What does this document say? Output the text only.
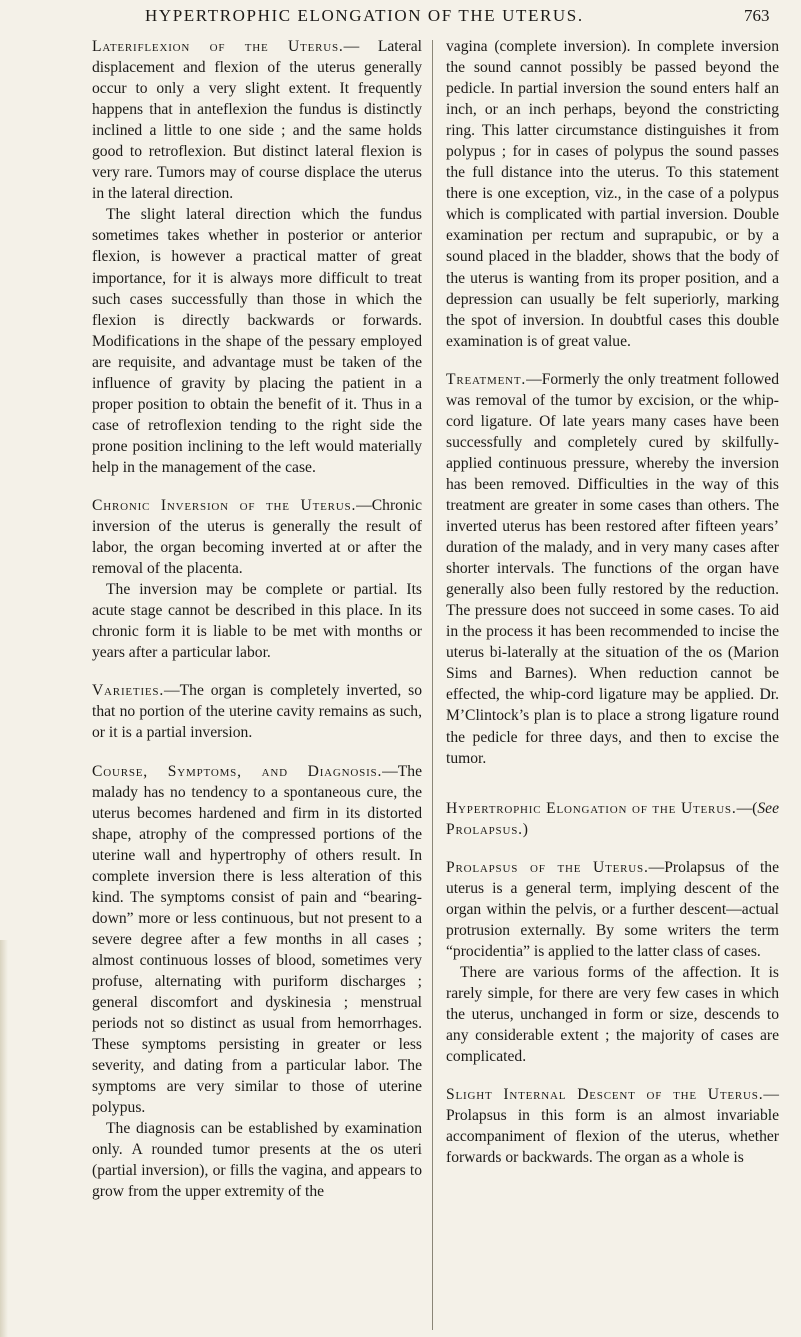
HYPERTROPHIC ELONGATION OF THE UTERUS.	763

Lateriflexion of the Uterus.— Lateral displacement and flexion of the uterus generally occur to only a very slight extent. It frequently happens that in anteflexion the fundus is distinctly inclined a little to one side ; and the same holds good to retroflexion. But distinct lateral flexion is very rare. Tumors may of course displace the uterus in the lateral direction.

The slight lateral direction which the fundus sometimes takes whether in posterior or anterior flexion, is however a practical matter of great importance, for it is always more difficult to treat such cases successfully than those in which the flexion is directly backwards or forwards. Modifications in the shape of the pessary employed are requisite, and advantage must be taken of the influence of gravity by placing the patient in a proper position to obtain the benefit of it. Thus in a case of retroflexion tending to the right side the prone position inclining to the left would materially help in the management of the case.

Chronic Inversion of the Uterus.—Chronic inversion of the uterus is generally the result of labor, the organ becoming inverted at or after the removal of the placenta.

The inversion may be complete or partial. Its acute stage cannot be described in this place. In its chronic form it is liable to be met with months or years after a particular labor.

Varieties.—The organ is completely inverted, so that no portion of the uterine cavity remains as such, or it is a partial inversion.

Course, Symptoms, and Diagnosis.—The malady has no tendency to a spontaneous cure, the uterus becomes hardened and firm in its distorted shape, atrophy of the compressed portions of the uterine wall and hypertrophy of others result. In complete inversion there is less alteration of this kind. The symptoms consist of pain and “bearing-down” more or less continuous, but not present to a severe degree after a few months in all cases ; almost continuous losses of blood, sometimes very profuse, alternating with puriform discharges ; general discomfort and dyskinesia ; menstrual periods not so distinct as usual from hemorrhages. These symptoms persisting in greater or less severity, and dating from a particular labor. The symptoms are very similar to those of uterine polypus.

The diagnosis can be established by examination only. A rounded tumor presents at the os uteri (partial inversion), or fills the vagina, and appears to grow from the upper extremity of the

vagina (complete inversion). In complete inversion the sound cannot possibly be passed beyond the pedicle. In partial inversion the sound enters half an inch, or an inch perhaps, beyond the constricting ring. This latter circumstance distinguishes it from polypus ; for in cases of polypus the sound passes the full distance into the uterus. To this statement there is one exception, viz., in the case of a polypus which is complicated with partial inversion. Double examination per rectum and suprapubic, or by a sound placed in the bladder, shows that the body of the uterus is wanting from its proper position, and a depression can usually be felt superiorly, marking the spot of inversion. In doubtful cases this double examination is of great value.

Treatment.—Formerly the only treatment followed was removal of the tumor by excision, or the whip-cord ligature. Of late years many cases have been successfully and completely cured by skilfully-applied continuous pressure, whereby the inversion has been removed. Difficulties in the way of this treatment are greater in some cases than others. The inverted uterus has been restored after fifteen years’ duration of the malady, and in very many cases after shorter intervals. The functions of the organ have generally also been fully restored by the reduction. The pressure does not succeed in some cases. To aid in the process it has been recommended to incise the uterus bi-laterally at the situation of the os (Marion Sims and Barnes). When reduction cannot be effected, the whip-cord ligature may be applied. Dr. M’Clintock’s plan is to place a strong ligature round the pedicle for three days, and then to excise the tumor.

Hypertrophic Elongation of the Uterus.—(See Prolapsus.)

Prolapsus of the Uterus.—Prolapsus of the uterus is a general term, implying descent of the organ within the pelvis, or a further descent—actual protrusion externally. By some writers the term “procidentia” is applied to the latter class of cases.

There are various forms of the affection. It is rarely simple, for there are very few cases in which the uterus, unchanged in form or size, descends to any considerable extent ; the majority of cases are complicated.

Slight Internal Descent of the Uterus.—Prolapsus in this form is an almost invariable accompaniment of flexion of the uterus, whether forwards or backwards. The organ as a whole is
